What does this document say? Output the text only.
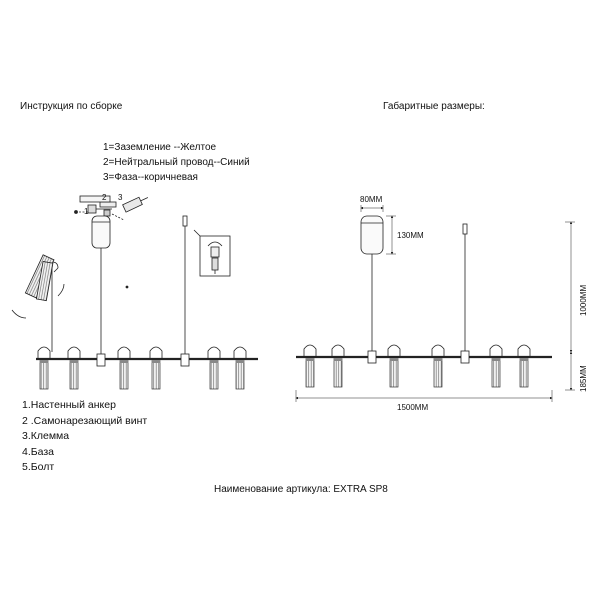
Инструкция по сборке	Габаритные размеры:
1=Заземление --Желтое
2=Нейтральный провод--Синий
3=Фаза--коричневая
1.Настенный анкер
2 .Самонарезающий винт
3.Клемма
4.База
5.Болт
Наименование артикула: EXTRA SP8
1
2 3	80MM
130MM
1000MM
185MM
1500MM
